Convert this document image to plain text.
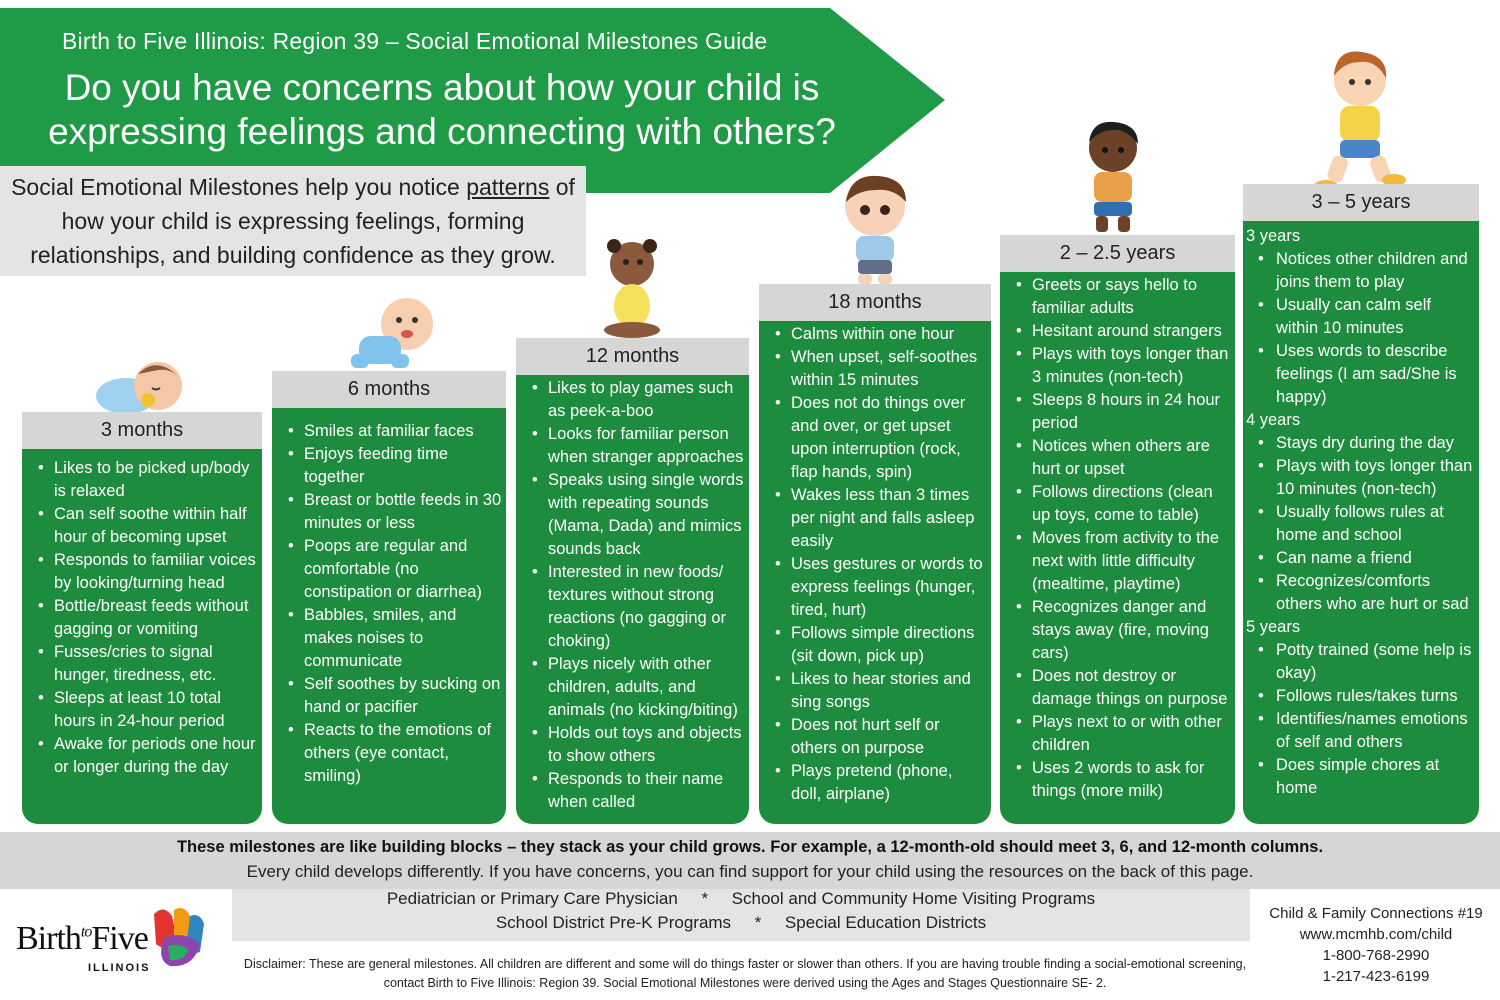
Birth to Five Illinois: Region 39 – Social Emotional Milestones Guide
Do you have concerns about how your child is expressing feelings and connecting with others?
Social Emotional Milestones help you notice patterns of how your child is expressing feelings, forming relationships, and building confidence as they grow.
3 months
• Likes to be picked up/body is relaxed
• Can self soothe within half hour of becoming upset
• Responds to familiar voices by looking/turning head
• Bottle/breast feeds without gagging or vomiting
• Fusses/cries to signal hunger, tiredness, etc.
• Sleeps at least 10 total hours in 24-hour period
• Awake for periods one hour or longer during the day
6 months
• Smiles at familiar faces
• Enjoys feeding time together
• Breast or bottle feeds in 30 minutes or less
• Poops are regular and comfortable (no constipation or diarrhea)
• Babbles, smiles, and makes noises to communicate
• Self soothes by sucking on hand or pacifier
• Reacts to the emotions of others (eye contact, smiling)
12 months
• Likes to play games such as peek-a-boo
• Looks for familiar person when stranger approaches
• Speaks using single words with repeating sounds (Mama, Dada) and mimics sounds back
• Interested in new foods/ textures without strong reactions (no gagging or choking)
• Plays nicely with other children, adults, and animals (no kicking/biting)
• Holds out toys and objects to show others
• Responds to their name when called
18 months
• Calms within one hour
• When upset, self-soothes within 15 minutes
• Does not do things over and over, or get upset upon interruption (rock, flap hands, spin)
• Wakes less than 3 times per night and falls asleep easily
• Uses gestures or words to express feelings (hunger, tired, hurt)
• Follows simple directions (sit down, pick up)
• Likes to hear stories and sing songs
• Does not hurt self or others on purpose
• Plays pretend (phone, doll, airplane)
2 – 2.5 years
• Greets or says hello to familiar adults
• Hesitant around strangers
• Plays with toys longer than 3 minutes (non-tech)
• Sleeps 8 hours in 24 hour period
• Notices when others are hurt or upset
• Follows directions (clean up toys, come to table)
• Moves from activity to the next with little difficulty (mealtime, playtime)
• Recognizes danger and stays away (fire, moving cars)
• Does not destroy or damage things on purpose
• Plays next to or with other children
• Uses 2 words to ask for things (more milk)
3 – 5 years
3 years
• Notices other children and joins them to play
• Usually can calm self within 10 minutes
• Uses words to describe feelings (I am sad/She is happy)
4 years
• Stays dry during the day
• Plays with toys longer than 10 minutes (non-tech)
• Usually follows rules at home and school
• Can name a friend
• Recognizes/comforts others who are hurt or sad
5 years
• Potty trained (some help is okay)
• Follows rules/takes turns
• Identifies/names emotions of self and others
• Does simple chores at home
These milestones are like building blocks – they stack as your child grows. For example, a 12-month-old should meet 3, 6, and 12-month columns.
Every child develops differently. If you have concerns, you can find support for your child using the resources on the back of this page.
Pediatrician or Primary Care Physician     *     School and Community Home Visiting Programs
School District Pre-K Programs     *     Special Education Districts
Disclaimer: These are general milestones. All children are different and some will do things faster or slower than others. If you are having trouble finding a social-emotional screening, contact Birth to Five Illinois: Region 39. Social Emotional Milestones were derived using the Ages and Stages Questionnaire SE- 2.
Child & Family Connections #19
www.mcmhb.com/child
1-800-768-2990
1-217-423-6199
Birth$^{to}$Five
ILLINOIS
